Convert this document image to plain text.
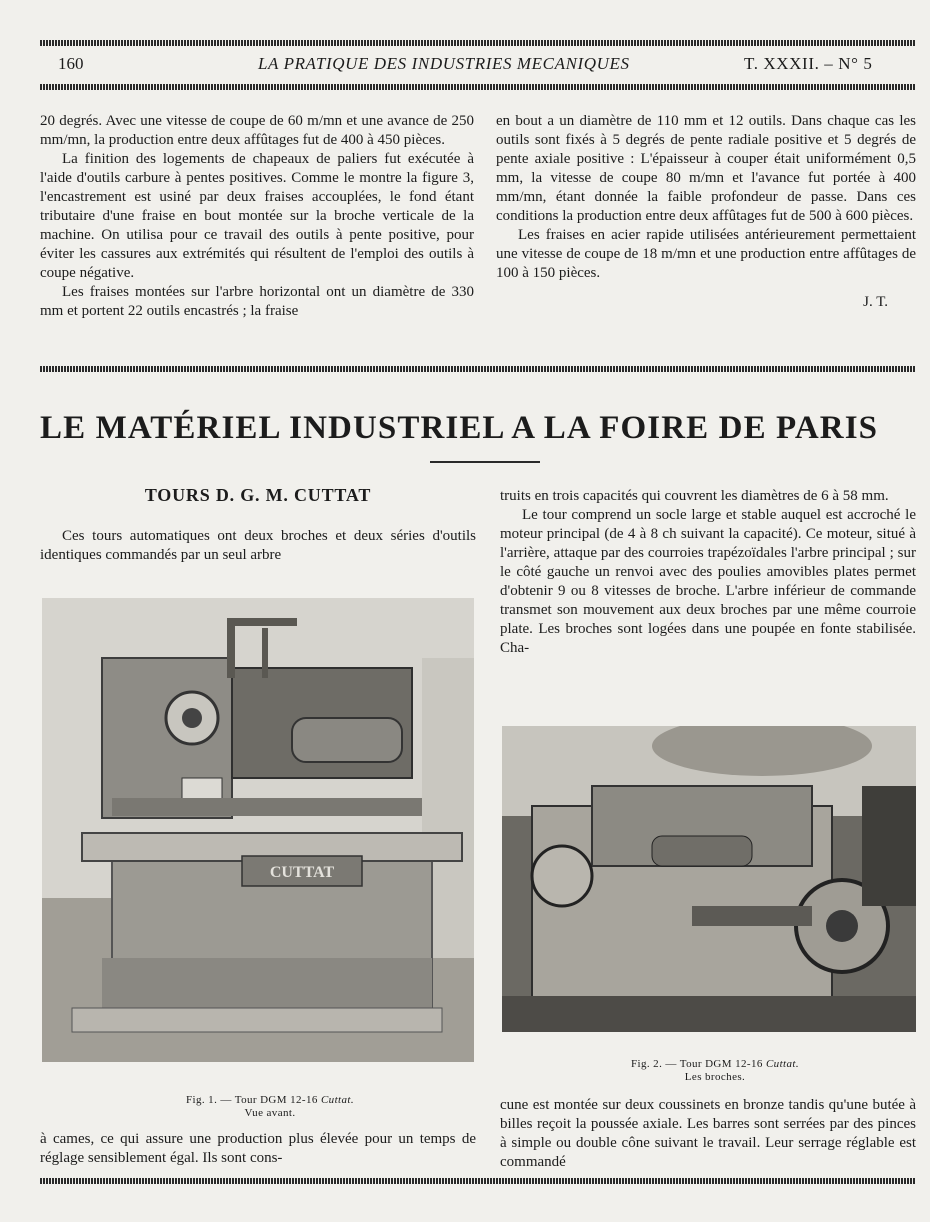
160	LA PRATIQUE DES INDUSTRIES MECANIQUES	T. XXXII. – N° 5

20 degrés. Avec une vitesse de coupe de 60 m/mn et une avance de 250 mm/mn, la production entre deux affûtages fut de 400 à 450 pièces.

La finition des logements de chapeaux de paliers fut exécutée à l'aide d'outils carbure à pentes positives. Comme le montre la figure 3, l'encastrement est usiné par deux fraises accouplées, le fond étant tributaire d'une fraise en bout montée sur la broche verticale de la machine. On utilisa pour ce travail des outils à pente positive, pour éviter les cassures aux extrémités qui résultent de l'emploi des outils à coupe négative.

Les fraises montées sur l'arbre horizontal ont un diamètre de 330 mm et portent 22 outils encastrés ; la fraise

en bout a un diamètre de 110 mm et 12 outils. Dans chaque cas les outils sont fixés à 5 degrés de pente radiale positive et 5 degrés de pente axiale positive : L'épaisseur à couper était uniformément 0,5 mm, la vitesse de coupe 80 m/mn et l'avance fut portée à 400 mm/mn, étant donnée la faible profondeur de passe. Dans ces conditions la production entre deux affûtages fut de 500 à 600 pièces.

Les fraises en acier rapide utilisées antérieurement permettaient une vitesse de coupe de 18 m/mn et une production entre affûtages de 100 à 150 pièces.

J. T.

LE MATÉRIEL INDUSTRIEL A LA FOIRE DE PARIS
TOURS D. G. M. CUTTAT

Ces tours automatiques ont deux broches et deux séries d'outils identiques commandés par un seul arbre

CUTTAT
Fig. 1. — Tour DGM 12-16 Cuttat.
Vue avant.

à cames, ce qui assure une production plus élevée pour un temps de réglage sensiblement égal. Ils sont cons-

truits en trois capacités qui couvrent les diamètres de 6 à 58 mm.

Le tour comprend un socle large et stable auquel est accroché le moteur principal (de 4 à 8 ch suivant la capacité). Ce moteur, situé à l'arrière, attaque par des courroies trapézoïdales l'arbre principal ; sur le côté gauche un renvoi avec des poulies amovibles plates permet d'obtenir 9 ou 8 vitesses de broche. L'arbre inférieur de commande transmet son mouvement aux deux broches par une même courroie plate. Les broches sont logées dans une poupée en fonte stabilisée. Cha-

Fig. 2. — Tour DGM 12-16 Cuttat.
Les broches.

cune est montée sur deux coussinets en bronze tandis qu'une butée à billes reçoit la poussée axiale. Les barres sont serrées par des pinces à simple ou double cône suivant le travail. Leur serrage réglable est commandé
